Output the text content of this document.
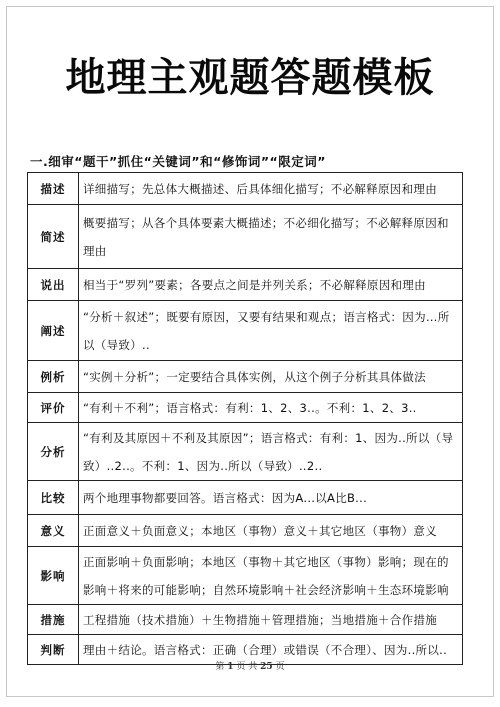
地理主观题答题模板
一.细审“题干”抓住“关键词”和“修饰词”“限定词”
描述	详细描写；先总体大概描述、后具体细化描写；不必解释原因和理由
简述	概要描写；从各个具体要素大概描述；不必细化描写；不必解释原因和理由
说出	相当于“罗列”要素；各要点之间是并列关系；不必解释原因和理由
阐述	“分析＋叙述”；既要有原因，又要有结果和观点；语言格式：因为…所以（导致）..
例析	“实例＋分析”；一定要结合具体实例，从这个例子分析其具体做法
评价	“有利＋不利”；语言格式：有利：1、2、3..。不利：1、2、3..
分析	“有利及其原因＋不利及其原因”；语言格式：有利：1、因为..所以（导致）..2..。不利：1、因为..所以（导致）..2..
比较	两个地理事物都要回答。语言格式：因为A...以A比B...
意义	正面意义＋负面意义；本地区（事物）意义＋其它地区（事物）意义
影响	正面影响＋负面影响；本地区（事物＋其它地区（事物）影响；现在的影响＋将来的可能影响；自然环境影响＋社会经济影响＋生态环境影响
措施	工程措施（技术措施）＋生物措施＋管理措施；当地措施＋合作措施
判断	理由＋结论。语言格式：正确（合理）或错误（不合理）、因为..所以..
第 1 页 共 25 页
